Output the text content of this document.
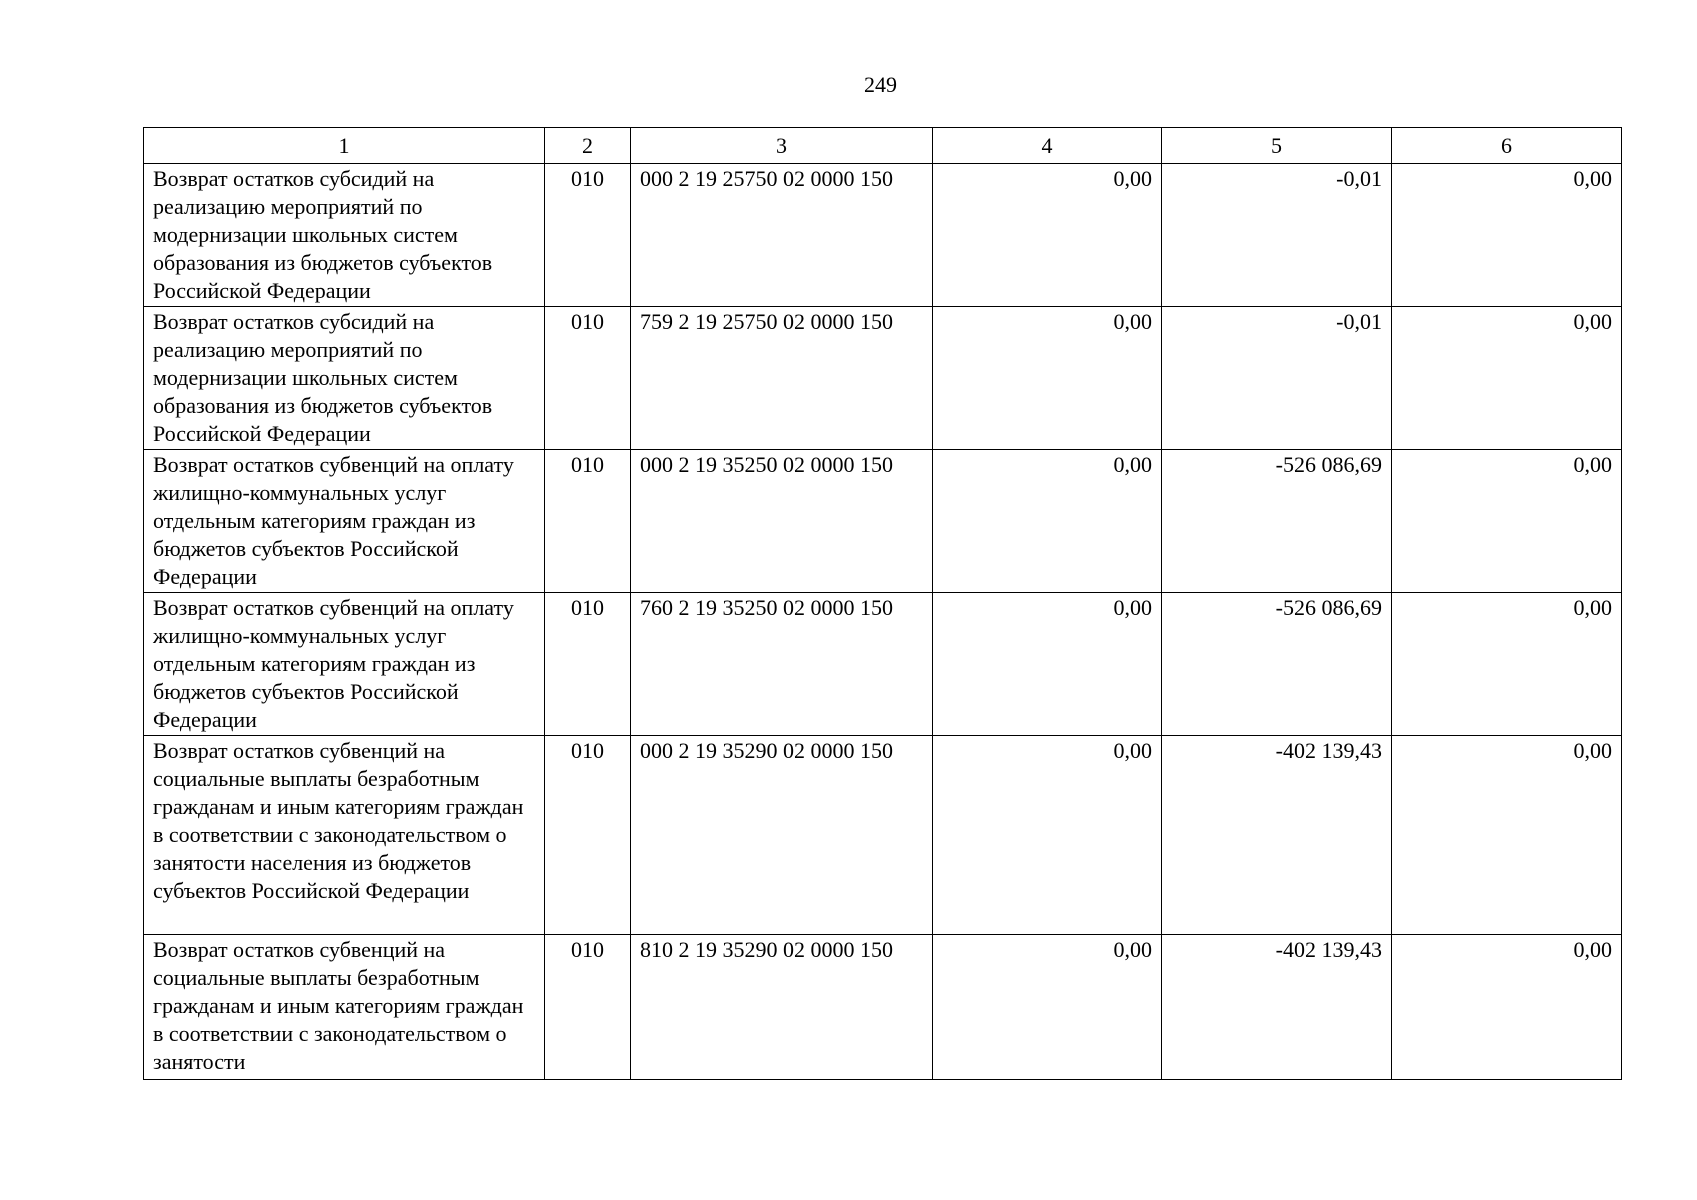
249
1	2	3	4	5	6
Возврат остатков субсидий на реализацию мероприятий по модернизации школьных систем образования из бюджетов субъектов Российской Федерации	010	000 2 19 25750 02 0000 150	0,00	-0,01	0,00
Возврат остатков субсидий на реализацию мероприятий по модернизации школьных систем образования из бюджетов субъектов Российской Федерации	010	759 2 19 25750 02 0000 150	0,00	-0,01	0,00
Возврат остатков субвенций на оплату жилищно-коммунальных услуг отдельным категориям граждан из бюджетов субъектов Российской Федерации	010	000 2 19 35250 02 0000 150	0,00	-526 086,69	0,00
Возврат остатков субвенций на оплату жилищно-коммунальных услуг отдельным категориям граждан из бюджетов субъектов Российской Федерации	010	760 2 19 35250 02 0000 150	0,00	-526 086,69	0,00
Возврат остатков субвенций на социальные выплаты безработным гражданам и иным категориям граждан в соответствии с законодательством о занятости населения из бюджетов субъектов Российской Федерации	010	000 2 19 35290 02 0000 150	0,00	-402 139,43	0,00
Возврат остатков субвенций на социальные выплаты безработным гражданам и иным категориям граждан в соответствии с законодательством о занятости	010	810 2 19 35290 02 0000 150	0,00	-402 139,43	0,00
